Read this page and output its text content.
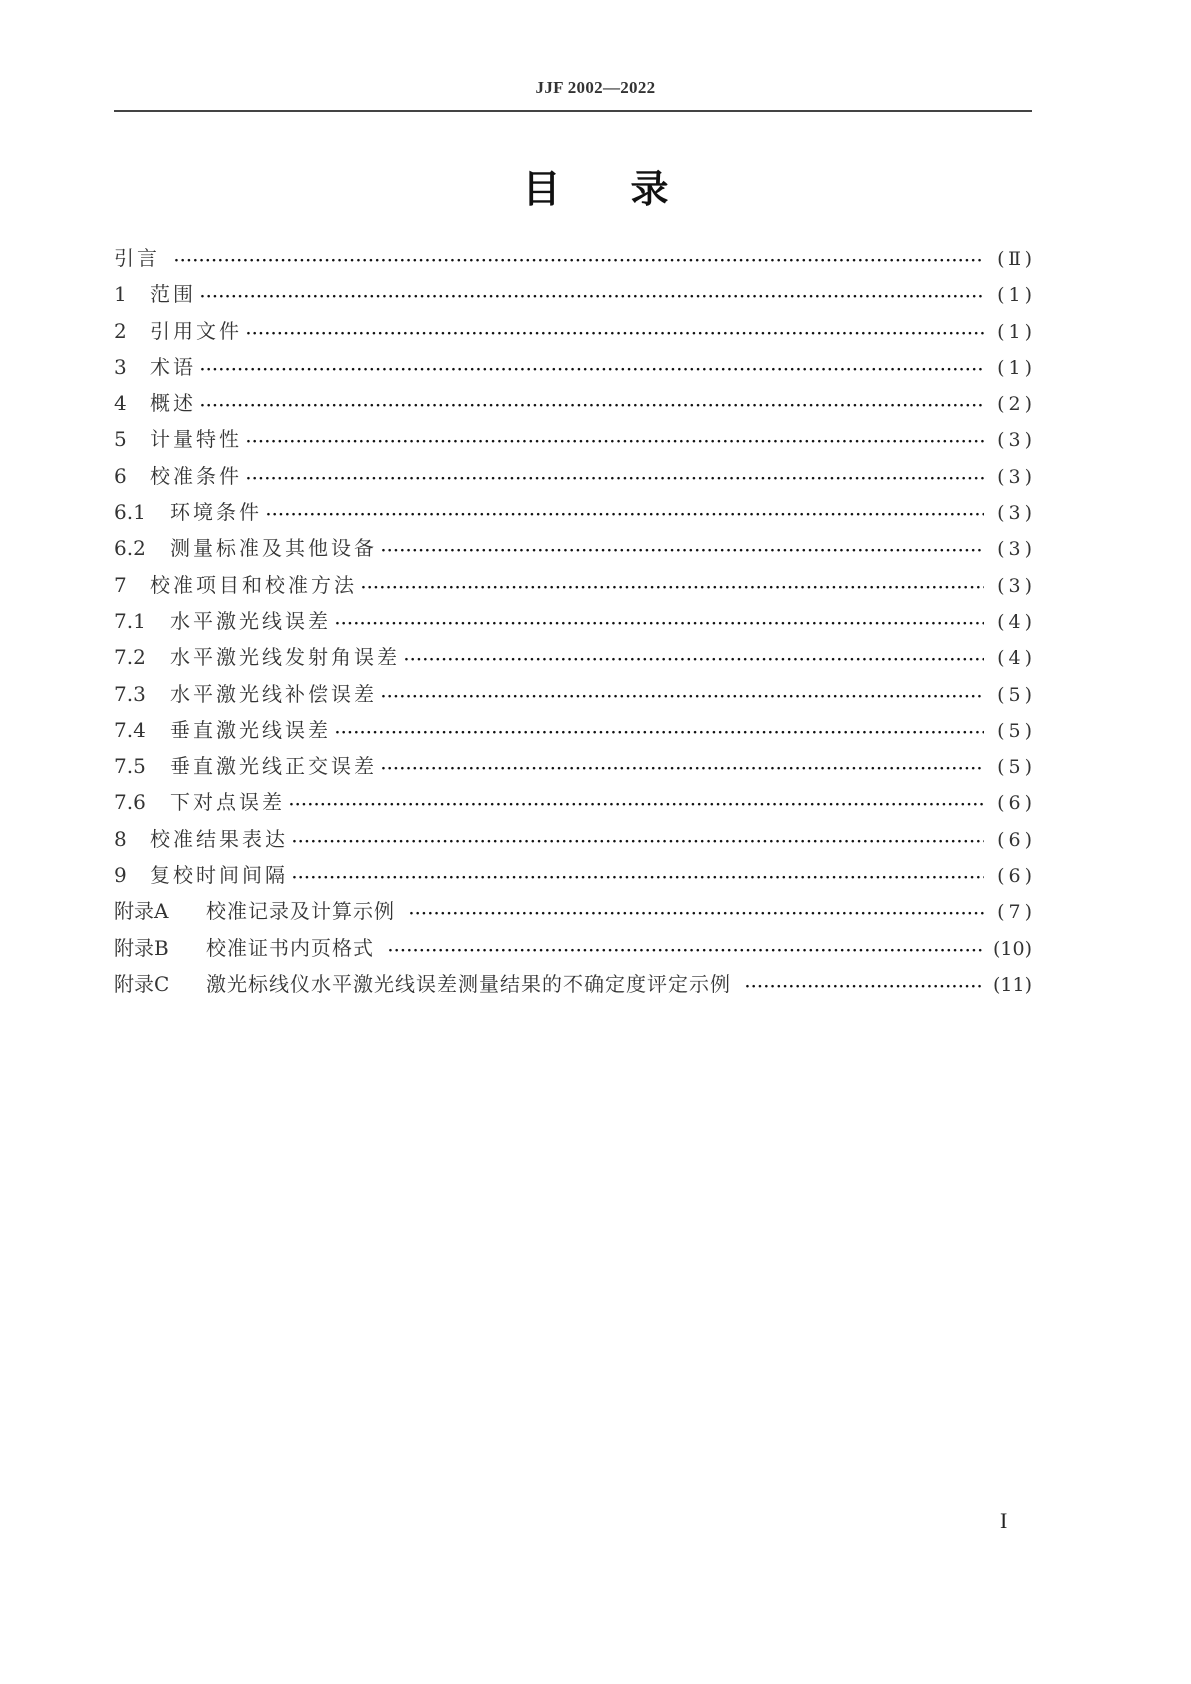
JJF 2002—2022
目 录
引言 ·····	( Ⅱ )
1	范围 ·····	( 1 )
2	引用文件 ·····	( 1 )
3	术语 ·····	( 1 )
4	概述 ·····	( 2 )
5	计量特性 ·····	( 3 )
6	校准条件 ·····	( 3 )
6.1	环境条件 ·····	( 3 )
6.2	测量标准及其他设备 ·····	( 3 )
7	校准项目和校准方法 ·····	( 3 )
7.1	水平激光线误差 ·····	( 4 )
7.2	水平激光线发射角误差 ·····	( 4 )
7.3	水平激光线补偿误差 ·····	( 5 )
7.4	垂直激光线误差 ·····	( 5 )
7.5	垂直激光线正交误差 ·····	( 5 )
7.6	下对点误差 ·····	( 6 )
8	校准结果表达 ·····	( 6 )
9	复校时间间隔 ·····	( 6 )
附录A	校准记录及计算示例 ·····	( 7 )
附录B	校准证书内页格式 ·····	(10)
附录C	激光标线仪水平激光线误差测量结果的不确定度评定示例 ·····	(11)
I
